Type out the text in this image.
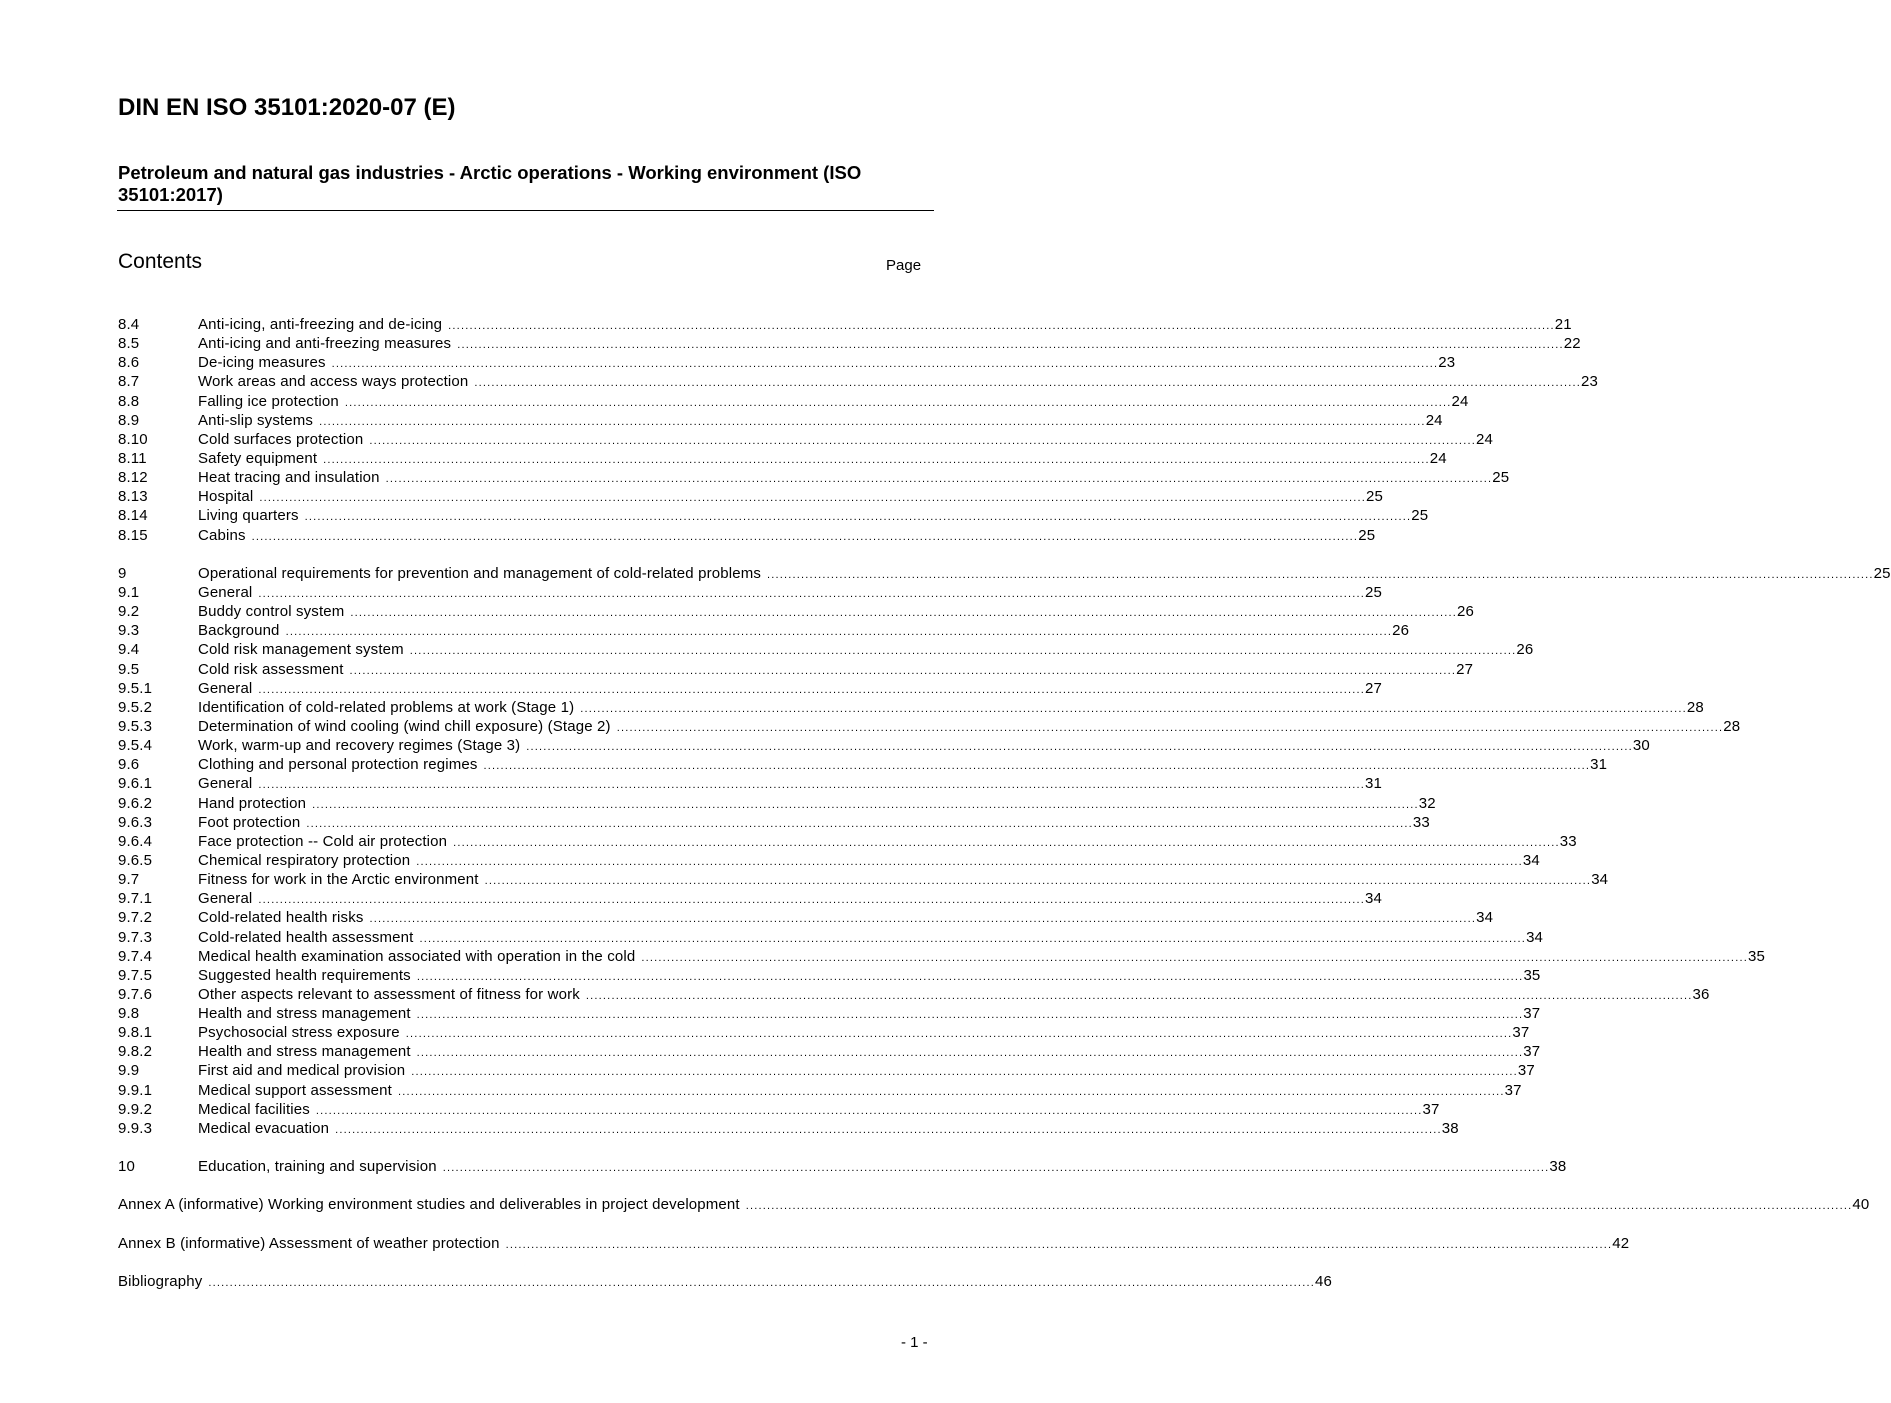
DIN EN ISO 35101:2020-07 (E)
Petroleum and natural gas industries - Arctic operations - Working environment (ISO 35101:2017)
Contents	Page
8.4	Anti-icing, anti-freezing and de-icing .................................................................................................................................................................................................................................................................... 21
8.5	Anti-icing and anti-freezing measures .................................................................................................................................................................................................................................................................... 22
8.6	De-icing measures .................................................................................................................................................................................................................................................................... 23
8.7	Work areas and access ways protection .................................................................................................................................................................................................................................................................... 23
8.8	Falling ice protection .................................................................................................................................................................................................................................................................... 24
8.9	Anti-slip systems .................................................................................................................................................................................................................................................................... 24
8.10	Cold surfaces protection .................................................................................................................................................................................................................................................................... 24
8.11	Safety equipment .................................................................................................................................................................................................................................................................... 24
8.12	Heat tracing and insulation .................................................................................................................................................................................................................................................................... 25
8.13	Hospital .................................................................................................................................................................................................................................................................... 25
8.14	Living quarters .................................................................................................................................................................................................................................................................... 25
8.15	Cabins .................................................................................................................................................................................................................................................................... 25
9	Operational requirements for prevention and management of cold-related problems .................................................................................................................................................................................................................................................................... 25
9.1	General .................................................................................................................................................................................................................................................................... 25
9.2	Buddy control system .................................................................................................................................................................................................................................................................... 26
9.3	Background .................................................................................................................................................................................................................................................................... 26
9.4	Cold risk management system .................................................................................................................................................................................................................................................................... 26
9.5	Cold risk assessment .................................................................................................................................................................................................................................................................... 27
9.5.1	General .................................................................................................................................................................................................................................................................... 27
9.5.2	Identification of cold-related problems at work (Stage 1) .................................................................................................................................................................................................................................................................... 28
9.5.3	Determination of wind cooling (wind chill exposure) (Stage 2) .................................................................................................................................................................................................................................................................... 28
9.5.4	Work, warm-up and recovery regimes (Stage 3) .................................................................................................................................................................................................................................................................... 30
9.6	Clothing and personal protection regimes .................................................................................................................................................................................................................................................................... 31
9.6.1	General .................................................................................................................................................................................................................................................................... 31
9.6.2	Hand protection .................................................................................................................................................................................................................................................................... 32
9.6.3	Foot protection .................................................................................................................................................................................................................................................................... 33
9.6.4	Face protection -- Cold air protection .................................................................................................................................................................................................................................................................... 33
9.6.5	Chemical respiratory protection .................................................................................................................................................................................................................................................................... 34
9.7	Fitness for work in the Arctic environment .................................................................................................................................................................................................................................................................... 34
9.7.1	General .................................................................................................................................................................................................................................................................... 34
9.7.2	Cold-related health risks .................................................................................................................................................................................................................................................................... 34
9.7.3	Cold-related health assessment .................................................................................................................................................................................................................................................................... 34
9.7.4	Medical health examination associated with operation in the cold .................................................................................................................................................................................................................................................................... 35
9.7.5	Suggested health requirements .................................................................................................................................................................................................................................................................... 35
9.7.6	Other aspects relevant to assessment of fitness for work .................................................................................................................................................................................................................................................................... 36
9.8	Health and stress management .................................................................................................................................................................................................................................................................... 37
9.8.1	Psychosocial stress exposure .................................................................................................................................................................................................................................................................... 37
9.8.2	Health and stress management .................................................................................................................................................................................................................................................................... 37
9.9	First aid and medical provision .................................................................................................................................................................................................................................................................... 37
9.9.1	Medical support assessment .................................................................................................................................................................................................................................................................... 37
9.9.2	Medical facilities .................................................................................................................................................................................................................................................................... 37
9.9.3	Medical evacuation .................................................................................................................................................................................................................................................................... 38
10	Education, training and supervision .................................................................................................................................................................................................................................................................... 38
Annex A (informative) Working environment studies and deliverables in project development .................................................................................................................................................................................................................................................................... 40
Annex B (informative) Assessment of weather protection .................................................................................................................................................................................................................................................................... 42
Bibliography .................................................................................................................................................................................................................................................................... 46
- 1 -
